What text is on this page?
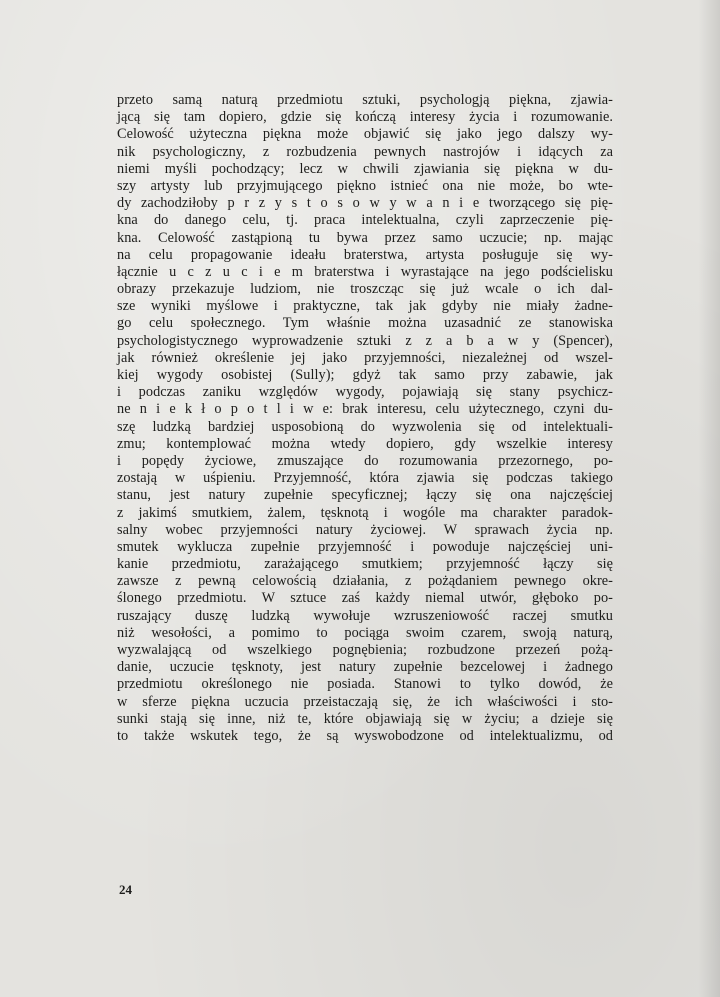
przeto samą naturą przedmiotu sztuki, psychologją piękna, zjawia-
jącą się tam dopiero, gdzie się kończą interesy życia i rozumowanie.
Celowość użyteczna piękna może objawić się jako jego dalszy wy-
nik psychologiczny, z rozbudzenia pewnych nastrojów i idących za
niemi myśli pochodzący; lecz w chwili zjawiania się piękna w du-
szy artysty lub przyjmującego piękno istnieć ona nie może, bo wte-
dy zachodziłoby p r z y s t o s o w y w a n i e tworzącego się pię-
kna do danego celu, tj. praca intelektualna, czyli zaprzeczenie pię-
kna. Celowość zastąpioną tu bywa przez samo uczucie; np. mając
na celu propagowanie ideału braterstwa, artysta posługuje się wy-
łącznie u c z u c i e m braterstwa i wyrastające na jego podścielisku
obrazy przekazuje ludziom, nie troszcząc się już wcale o ich dal-
sze wyniki myślowe i praktyczne, tak jak gdyby nie miały żadne-
go celu społecznego. Tym właśnie można uzasadnić ze stanowiska
psychologistycznego wyprowadzenie sztuki z z a b a w y (Spencer),
jak również określenie jej jako przyjemności, niezależnej od wszel-
kiej wygody osobistej (Sully); gdyż tak samo przy zabawie, jak
i podczas zaniku względów wygody, pojawiają się stany psychicz-
ne n i e k ł o p o t l i w e: brak interesu, celu użytecznego, czyni du-
szę ludzką bardziej usposobioną do wyzwolenia się od intelektuali-
zmu; kontemplować można wtedy dopiero, gdy wszelkie interesy
i popędy życiowe, zmuszające do rozumowania przezornego, po-
zostają w uśpieniu. Przyjemność, która zjawia się podczas takiego
stanu, jest natury zupełnie specyficznej; łączy się ona najczęściej
z jakimś smutkiem, żalem, tęsknotą i wogóle ma charakter paradok-
salny wobec przyjemności natury życiowej. W sprawach życia np.
smutek wyklucza zupełnie przyjemność i powoduje najczęściej uni-
kanie przedmiotu, zarażającego smutkiem; przyjemność łączy się
zawsze z pewną celowością działania, z pożądaniem pewnego okre-
ślonego przedmiotu. W sztuce zaś każdy niemal utwór, głęboko po-
ruszający duszę ludzką wywołuje wzruszeniowość raczej smutku
niż wesołości, a pomimo to pociąga swoim czarem, swoją naturą,
wyzwalającą od wszelkiego pognębienia; rozbudzone przezeń pożą-
danie, uczucie tęsknoty, jest natury zupełnie bezcelowej i żadnego
przedmiotu określonego nie posiada. Stanowi to tylko dowód, że
w sferze piękna uczucia przeistaczają się, że ich właściwości i sto-
sunki stają się inne, niż te, które objawiają się w życiu; a dzieje się
to także wskutek tego, że są wyswobodzone od intelektualizmu, od
24
